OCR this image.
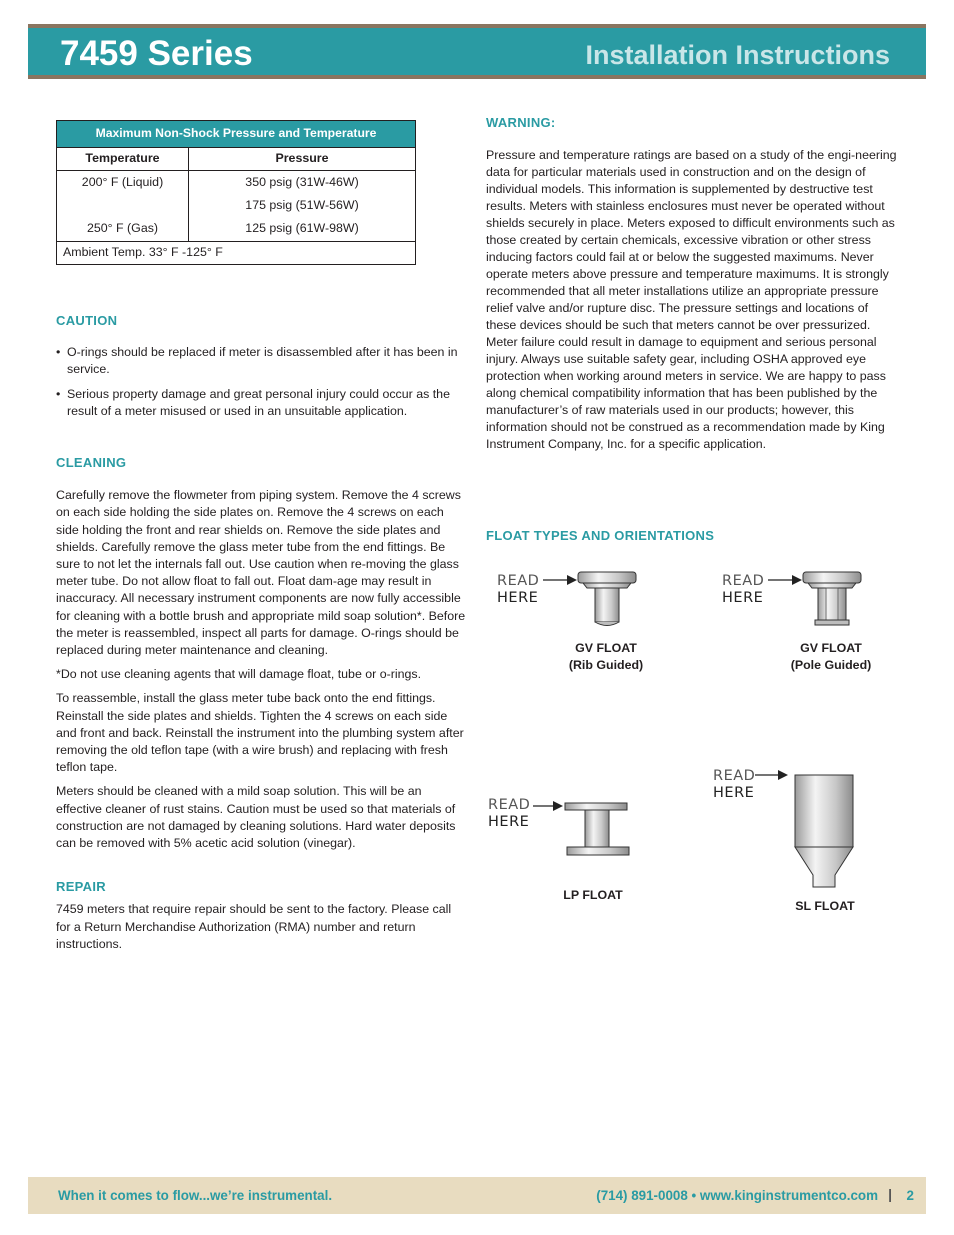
7459 Series	Installation Instructions
Maximum Non-Shock Pressure and Temperature	
Temperature	Pressure
200° F (Liquid)	350 psig (31W-46W)
	175 psig (51W-56W)
250° F (Gas)	125 psig (61W-98W)
Ambient Temp. 33° F -125° F	
CAUTION
• O-rings should be replaced if meter is disassembled after it has been in service.
• Serious property damage and great personal injury could occur as the result of a meter misused or used in an unsuitable application.
CLEANING

Carefully remove the flowmeter from piping system. Remove the 4 screws on each side holding the side plates on. Remove the 4 screws on each side holding the front and rear shields on. Remove the side plates and shields. Carefully remove the glass meter tube from the end fittings. Be sure to not let the internals fall out. Use caution when re-moving the glass meter tube. Do not allow float to fall out. Float dam-age may result in inaccuracy. All necessary instrument components are now fully accessible for cleaning with a bottle brush and appropriate mild soap solution*. Before the meter is reassembled, inspect all parts for damage. O-rings should be replaced during meter maintenance and cleaning.

*Do not use cleaning agents that will damage float, tube or o-rings.

To reassemble, install the glass meter tube back onto the end fittings. Reinstall the side plates and shields. Tighten the 4 screws on each side and front and back. Reinstall the instrument into the plumbing system after removing the old teflon tape (with a wire brush) and replacing with fresh teflon tape.

Meters should be cleaned with a mild soap solution. This will be an effective cleaner of rust stains. Caution must be used so that materials of construction are not damaged by cleaning solutions. Hard water deposits can be removed with 5% acetic acid solution (vinegar).

REPAIR

7459 meters that require repair should be sent to the factory. Please call for a Return Merchandise Authorization (RMA) number and return instructions.

WARNING:

Pressure and temperature ratings are based on a study of the engi-neering data for particular materials used in construction and on the design of individual models. This information is supplemented by destructive test results. Meters with stainless enclosures must never be operated without shields securely in place. Meters exposed to difficult environments such as those created by certain chemicals, excessive vibration or other stress inducing factors could fail at or below the suggested maximums. Never operate meters above pressure and temperature maximums. It is strongly recommended that all meter installations utilize an appropriate pressure relief valve and/or rupture disc. The pressure settings and locations of these devices should be such that meters cannot be over pressurized. Meter failure could result in damage to equipment and serious personal injury. Always use suitable safety gear, including OSHA approved eye protection when working around meters in service. We are happy to pass along chemical compatibility information that has been published by the manufacturer’s of raw materials used in our products; however, this information should not be construed as a recommendation made by King Instrument Company, Inc. for a specific application.

FLOAT TYPES AND ORIENTATIONS
READ
HERE
GV FLOAT
(Rib Guided)
READ
HERE
GV FLOAT
(Pole Guided)
READ
HERE
LP FLOAT
READ
HERE
SL FLOAT
When it comes to flow...we’re instrumental.	(714) 891-0008 • www.kinginstrumentco.com | 2
